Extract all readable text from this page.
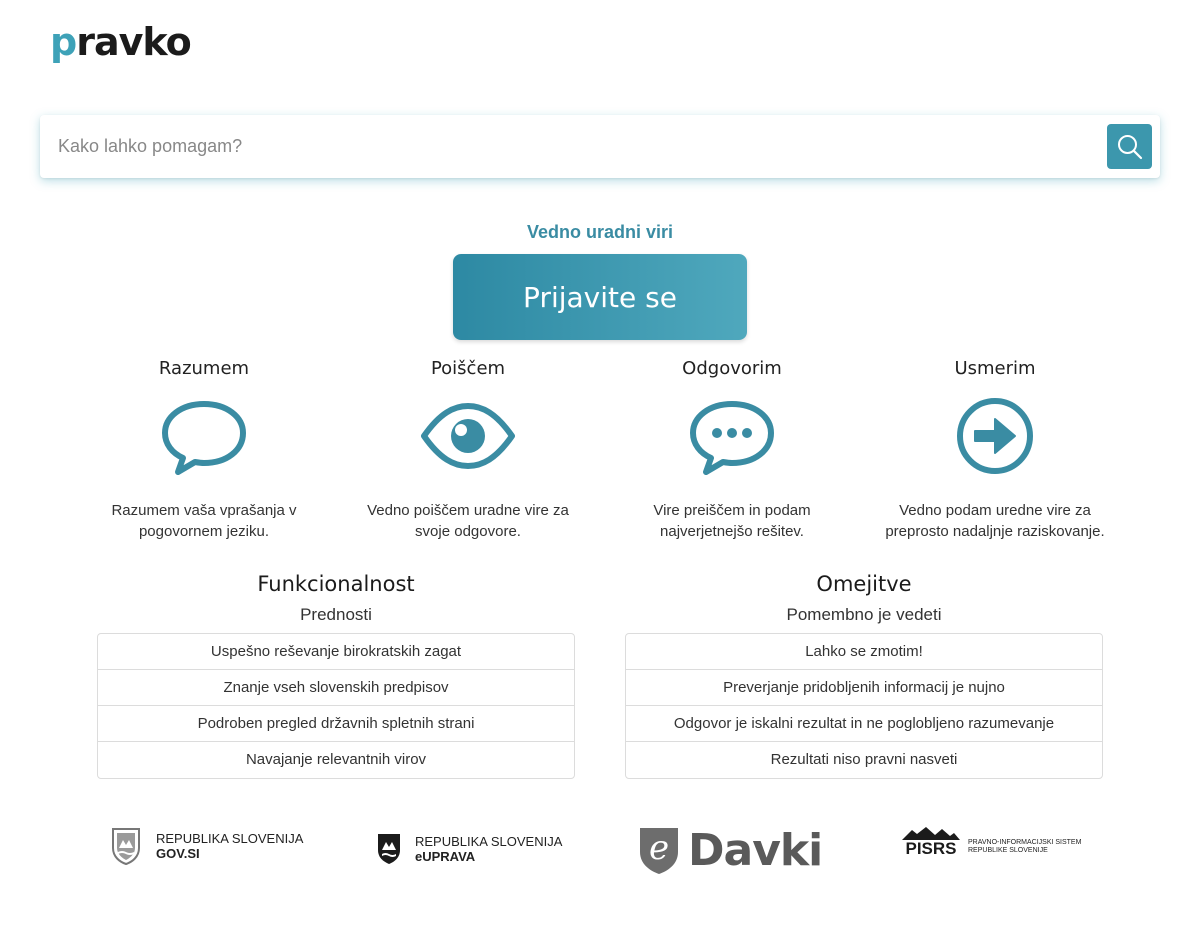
pravko
Kako lahko pomagam?
Vedno uradni viri
Prijavite se
Razumem

Razumem vaša vprašanja v pogovornem jeziku.

Poiščem

Vedno poiščem uradne vire za svoje odgovore.

Odgovorim

Vire preiščem in podam najverjetnejšo rešitev.

Usmerim

Vedno podam uredne vire za preprosto nadaljnje raziskovanje.

Funkcionalnost
Prednosti
Uspešno reševanje birokratskih zagat
Znanje vseh slovenskih predpisov
Podroben pregled državnih spletnih strani
Navajanje relevantnih virov
Omejitve
Pomembno je vedeti
Lahko se zmotim!
Preverjanje pridobljenih informacij je nujno
Odgovor je iskalni rezultat in ne poglobljeno razumevanje
Rezultati niso pravni nasveti
REPUBLIKA SLOVENIJA
GOV.SI
REPUBLIKA SLOVENIJA
eUPRAVA	e Davki	PISRS PRAVNO-INFORMACIJSKI SISTEM
REPUBLIKE SLOVENIJE
